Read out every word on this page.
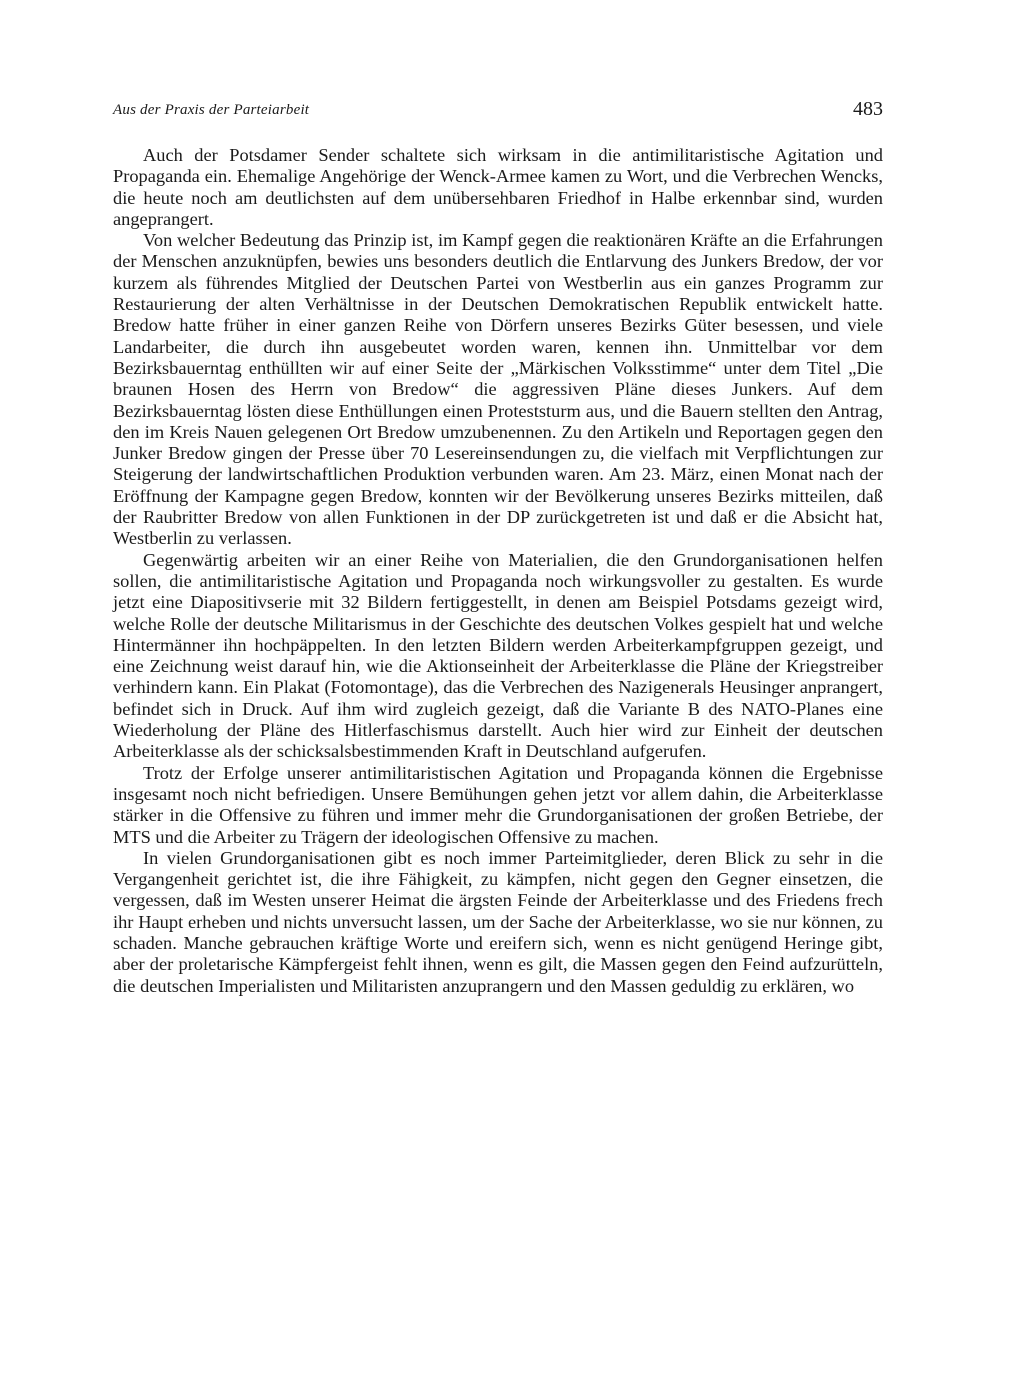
Aus der Praxis der Parteiarbeit	483

Auch der Potsdamer Sender schaltete sich wirksam in die antimilitaristische Agitation und Propaganda ein. Ehemalige Angehörige der Wenck-Armee kamen zu Wort, und die Verbrechen Wencks, die heute noch am deutlichsten auf dem unübersehbaren Friedhof in Halbe erkennbar sind, wurden angeprangert.

Von welcher Bedeutung das Prinzip ist, im Kampf gegen die reaktionären Kräfte an die Erfahrungen der Menschen anzuknüpfen, bewies uns besonders deutlich die Entlarvung des Junkers Bredow, der vor kurzem als führendes Mitglied der Deutschen Partei von Westberlin aus ein ganzes Programm zur Restaurierung der alten Verhältnisse in der Deutschen Demokratischen Republik entwickelt hatte. Bredow hatte früher in einer ganzen Reihe von Dörfern unseres Bezirks Güter besessen, und viele Landarbeiter, die durch ihn ausgebeutet worden waren, kennen ihn. Unmittelbar vor dem Bezirksbauerntag enthüllten wir auf einer Seite der „Märkischen Volksstimme“ unter dem Titel „Die braunen Hosen des Herrn von Bredow“ die aggressiven Pläne dieses Junkers. Auf dem Bezirksbauerntag lösten diese Enthüllungen einen Proteststurm aus, und die Bauern stellten den Antrag, den im Kreis Nauen gelegenen Ort Bredow umzubenennen. Zu den Artikeln und Reportagen gegen den Junker Bredow gingen der Presse über 70 Lesereinsendungen zu, die vielfach mit Verpflichtungen zur Steigerung der landwirtschaftlichen Produktion verbunden waren. Am 23. März, einen Monat nach der Eröffnung der Kampagne gegen Bredow, konnten wir der Bevölkerung unseres Bezirks mitteilen, daß der Raubritter Bredow von allen Funktionen in der DP zurückgetreten ist und daß er die Absicht hat, Westberlin zu verlassen.

Gegenwärtig arbeiten wir an einer Reihe von Materialien, die den Grundorganisationen helfen sollen, die antimilitaristische Agitation und Propaganda noch wirkungsvoller zu gestalten. Es wurde jetzt eine Diapositivserie mit 32 Bildern fertiggestellt, in denen am Beispiel Potsdams gezeigt wird, welche Rolle der deutsche Militarismus in der Geschichte des deutschen Volkes gespielt hat und welche Hintermänner ihn hochpäppelten. In den letzten Bildern werden Arbeiterkampfgruppen gezeigt, und eine Zeichnung weist darauf hin, wie die Aktionseinheit der Arbeiterklasse die Pläne der Kriegstreiber verhindern kann. Ein Plakat (Fotomontage), das die Verbrechen des Nazigenerals Heusinger anprangert, befindet sich in Druck. Auf ihm wird zugleich gezeigt, daß die Variante B des NATO-Planes eine Wiederholung der Pläne des Hitlerfaschismus darstellt. Auch hier wird zur Einheit der deutschen Arbeiterklasse als der schicksalsbestimmenden Kraft in Deutschland aufgerufen.

Trotz der Erfolge unserer antimilitaristischen Agitation und Propaganda können die Ergebnisse insgesamt noch nicht befriedigen. Unsere Bemühungen gehen jetzt vor allem dahin, die Arbeiterklasse stärker in die Offensive zu führen und immer mehr die Grundorganisationen der großen Betriebe, der MTS und die Arbeiter zu Trägern der ideologischen Offensive zu machen.

In vielen Grundorganisationen gibt es noch immer Parteimitglieder, deren Blick zu sehr in die Vergangenheit gerichtet ist, die ihre Fähigkeit, zu kämpfen, nicht gegen den Gegner einsetzen, die vergessen, daß im Westen unserer Heimat die ärgsten Feinde der Arbeiterklasse und des Friedens frech ihr Haupt erheben und nichts unversucht lassen, um der Sache der Arbeiterklasse, wo sie nur können, zu schaden. Manche gebrauchen kräftige Worte und ereifern sich, wenn es nicht genügend Heringe gibt, aber der proletarische Kämpfergeist fehlt ihnen, wenn es gilt, die Massen gegen den Feind aufzurütteln, die deutschen Imperialisten und Militaristen anzuprangern und den Massen geduldig zu erklären, wo
